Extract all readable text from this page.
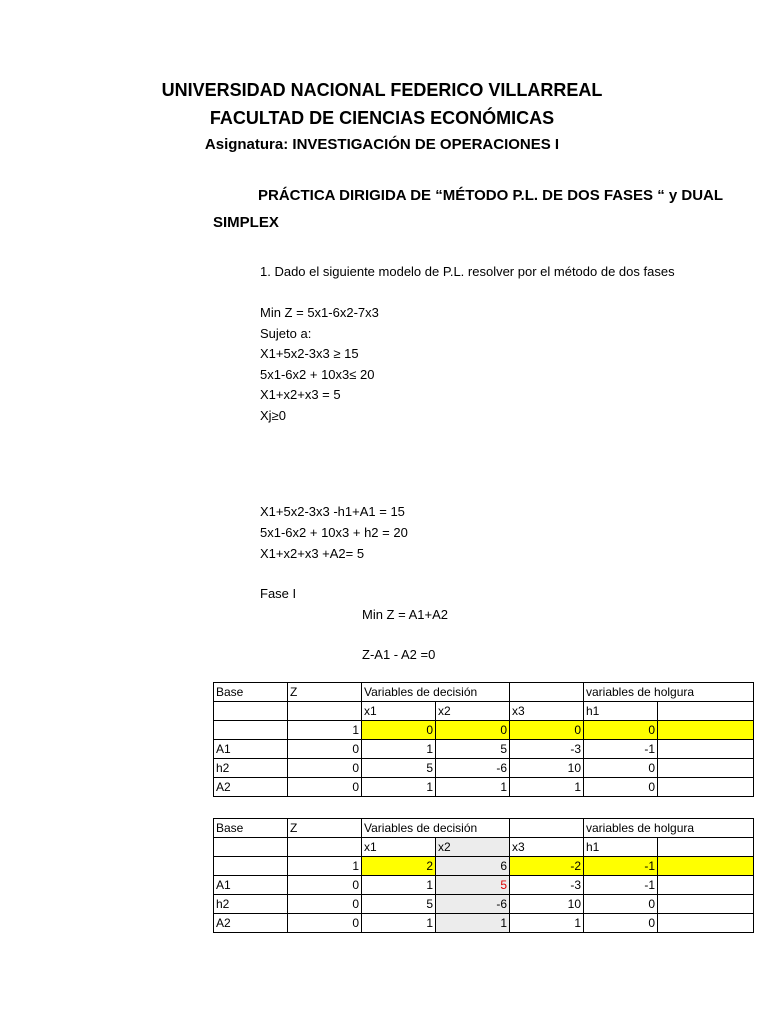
UNIVERSIDAD NACIONAL FEDERICO VILLARREAL
FACULTAD DE CIENCIAS ECONÓMICAS
Asignatura: INVESTIGACIÓN DE OPERACIONES I
PRÁCTICA DIRIGIDA DE “MÉTODO P.L. DE DOS FASES “ y DUAL
SIMPLEX
1. Dado el siguiente modelo de P.L. resolver por el método de dos fases
Min Z = 5x1-6x2-7x3
Sujeto a:
X1+5x2-3x3 ≥ 15
5x1-6x2 + 10x3≤ 20
X1+x2+x3 = 5
Xj≥0
X1+5x2-3x3 -h1+A1 = 15
5x1-6x2 + 10x3 + h2 = 20
X1+x2+x3 +A2= 5
Fase I
Min Z = A1+A2
Z-A1 - A2 =0
Base	Z	Variables de decisión			variables de holgura	
		x1	x2	x3	h1	
	1	0	0	0	0	
A1	0	1	5	-3	-1	
h2	0	5	-6	10	0	
A2	0	1	1	1	0	
Base	Z	Variables de decisión			variables de holgura	
		x1	x2	x3	h1	
	1	2	6	-2	-1	
A1	0	1	5	-3	-1	
h2	0	5	-6	10	0	
A2	0	1	1	1	0	
